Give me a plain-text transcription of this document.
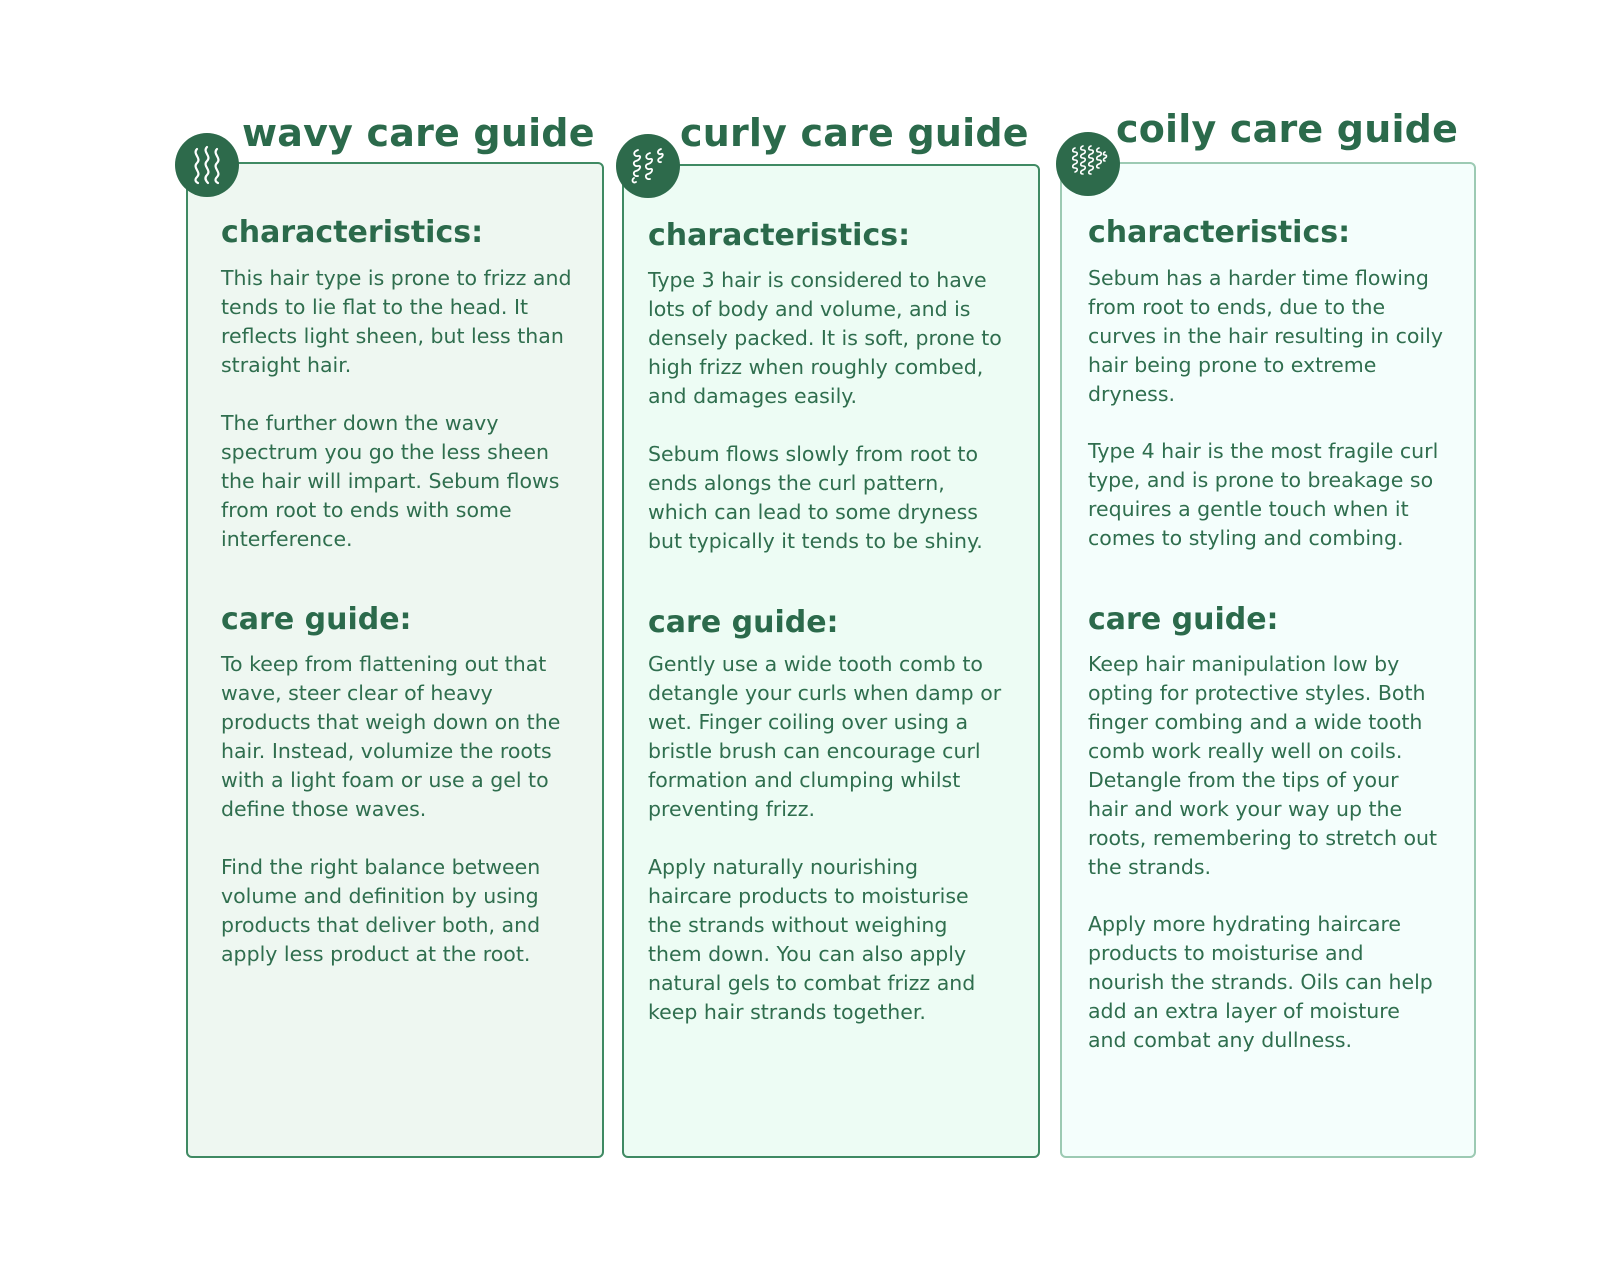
wavy care guide
characteristics:

This hair type is prone to frizz and tends to lie flat to the head. It reflects light sheen, but less than straight hair.

The further down the wavy spectrum you go the less sheen the hair will impart. Sebum flows from root to ends with some interference.

care guide:

To keep from flattening out that wave, steer clear of heavy products that weigh down on the hair. Instead, volumize the roots with a light foam or use a gel to define those waves.

Find the right balance between volume and definition by using products that deliver both, and apply less product at the root.

curly care guide
characteristics:

Type 3 hair is considered to have lots of body and volume, and is densely packed. It is soft, prone to high frizz when roughly combed, and damages easily.

Sebum flows slowly from root to ends alongs the curl pattern, which can lead to some dryness but typically it tends to be shiny.

care guide:

Gently use a wide tooth comb to detangle your curls when damp or wet. Finger coiling over using a bristle brush can encourage curl formation and clumping whilst preventing frizz.

Apply naturally nourishing haircare products to moisturise the strands without weighing them down. You can also apply natural gels to combat frizz and keep hair strands together.

coily care guide
characteristics:

Sebum has a harder time flowing from root to ends, due to the curves in the hair resulting in coily hair being prone to extreme dryness.

Type 4 hair is the most fragile curl type, and is prone to breakage so requires a gentle touch when it comes to styling and combing.

care guide:

Keep hair manipulation low by opting for protective styles. Both finger combing and a wide tooth comb work really well on coils. Detangle from the tips of your hair and work your way up the roots, remembering to stretch out the strands.

Apply more hydrating haircare products to moisturise and nourish the strands. Oils can help add an extra layer of moisture and combat any dullness.
